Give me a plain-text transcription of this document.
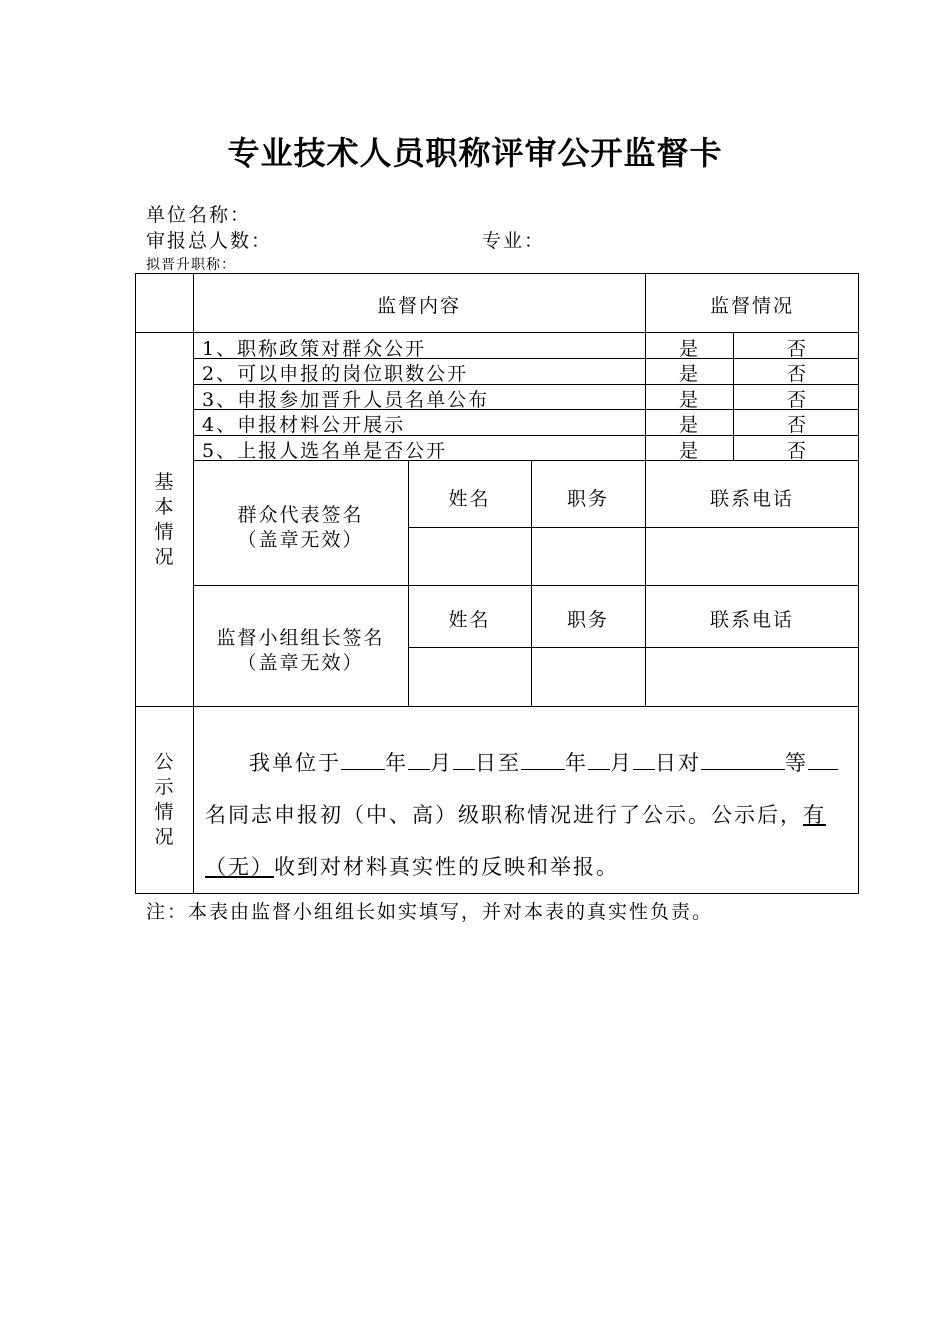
专业技术人员职称评审公开监督卡
单位名称：
审报总人数：	专业：
拟晋升职称：
监督内容	监督情况
1、职称政策对群众公开	是	否
2、可以申报的岗位职数公开	是	否
3、申报参加晋升人员名单公布	是	否
4、申报材料公开展示	是	否
5、上报人选名单是否公开	是	否
基
本
情
况
群众代表签名
（盖章无效）
姓名	职务	联系电话
监督小组组长签名
（盖章无效）
姓名	职务	联系电话
公
示
情
况
我单位于 年 月 日至 年 月 日对	等名同志申报初（中、高）级职称情况进行了公示。公示后，有（无）收到对材料真实性的反映和举报。
注：本表由监督小组组长如实填写，并对本表的真实性负责。
